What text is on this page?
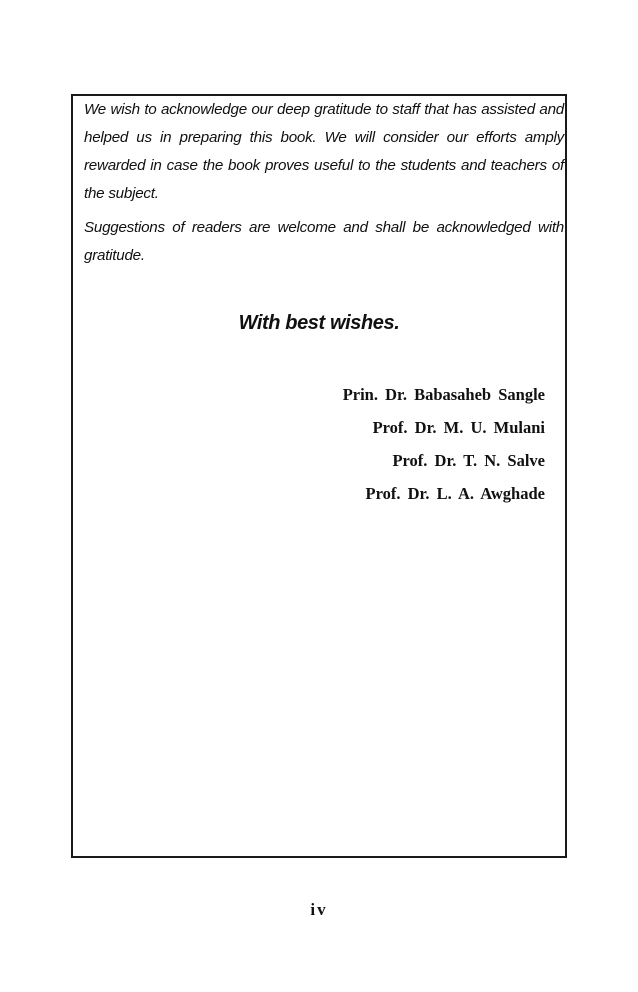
We wish to acknowledge our deep gratitude to staff that has assisted and helped us in preparing this book. We will consider our efforts amply rewarded in case the book proves useful to the students and teachers of the subject.

Suggestions of readers are welcome and shall be acknowledged with gratitude.

With best wishes.
Prin. Dr. Babasaheb Sangle
Prof. Dr. M. U. Mulani
Prof. Dr. T. N. Salve
Prof. Dr. L. A. Awghade
iv
